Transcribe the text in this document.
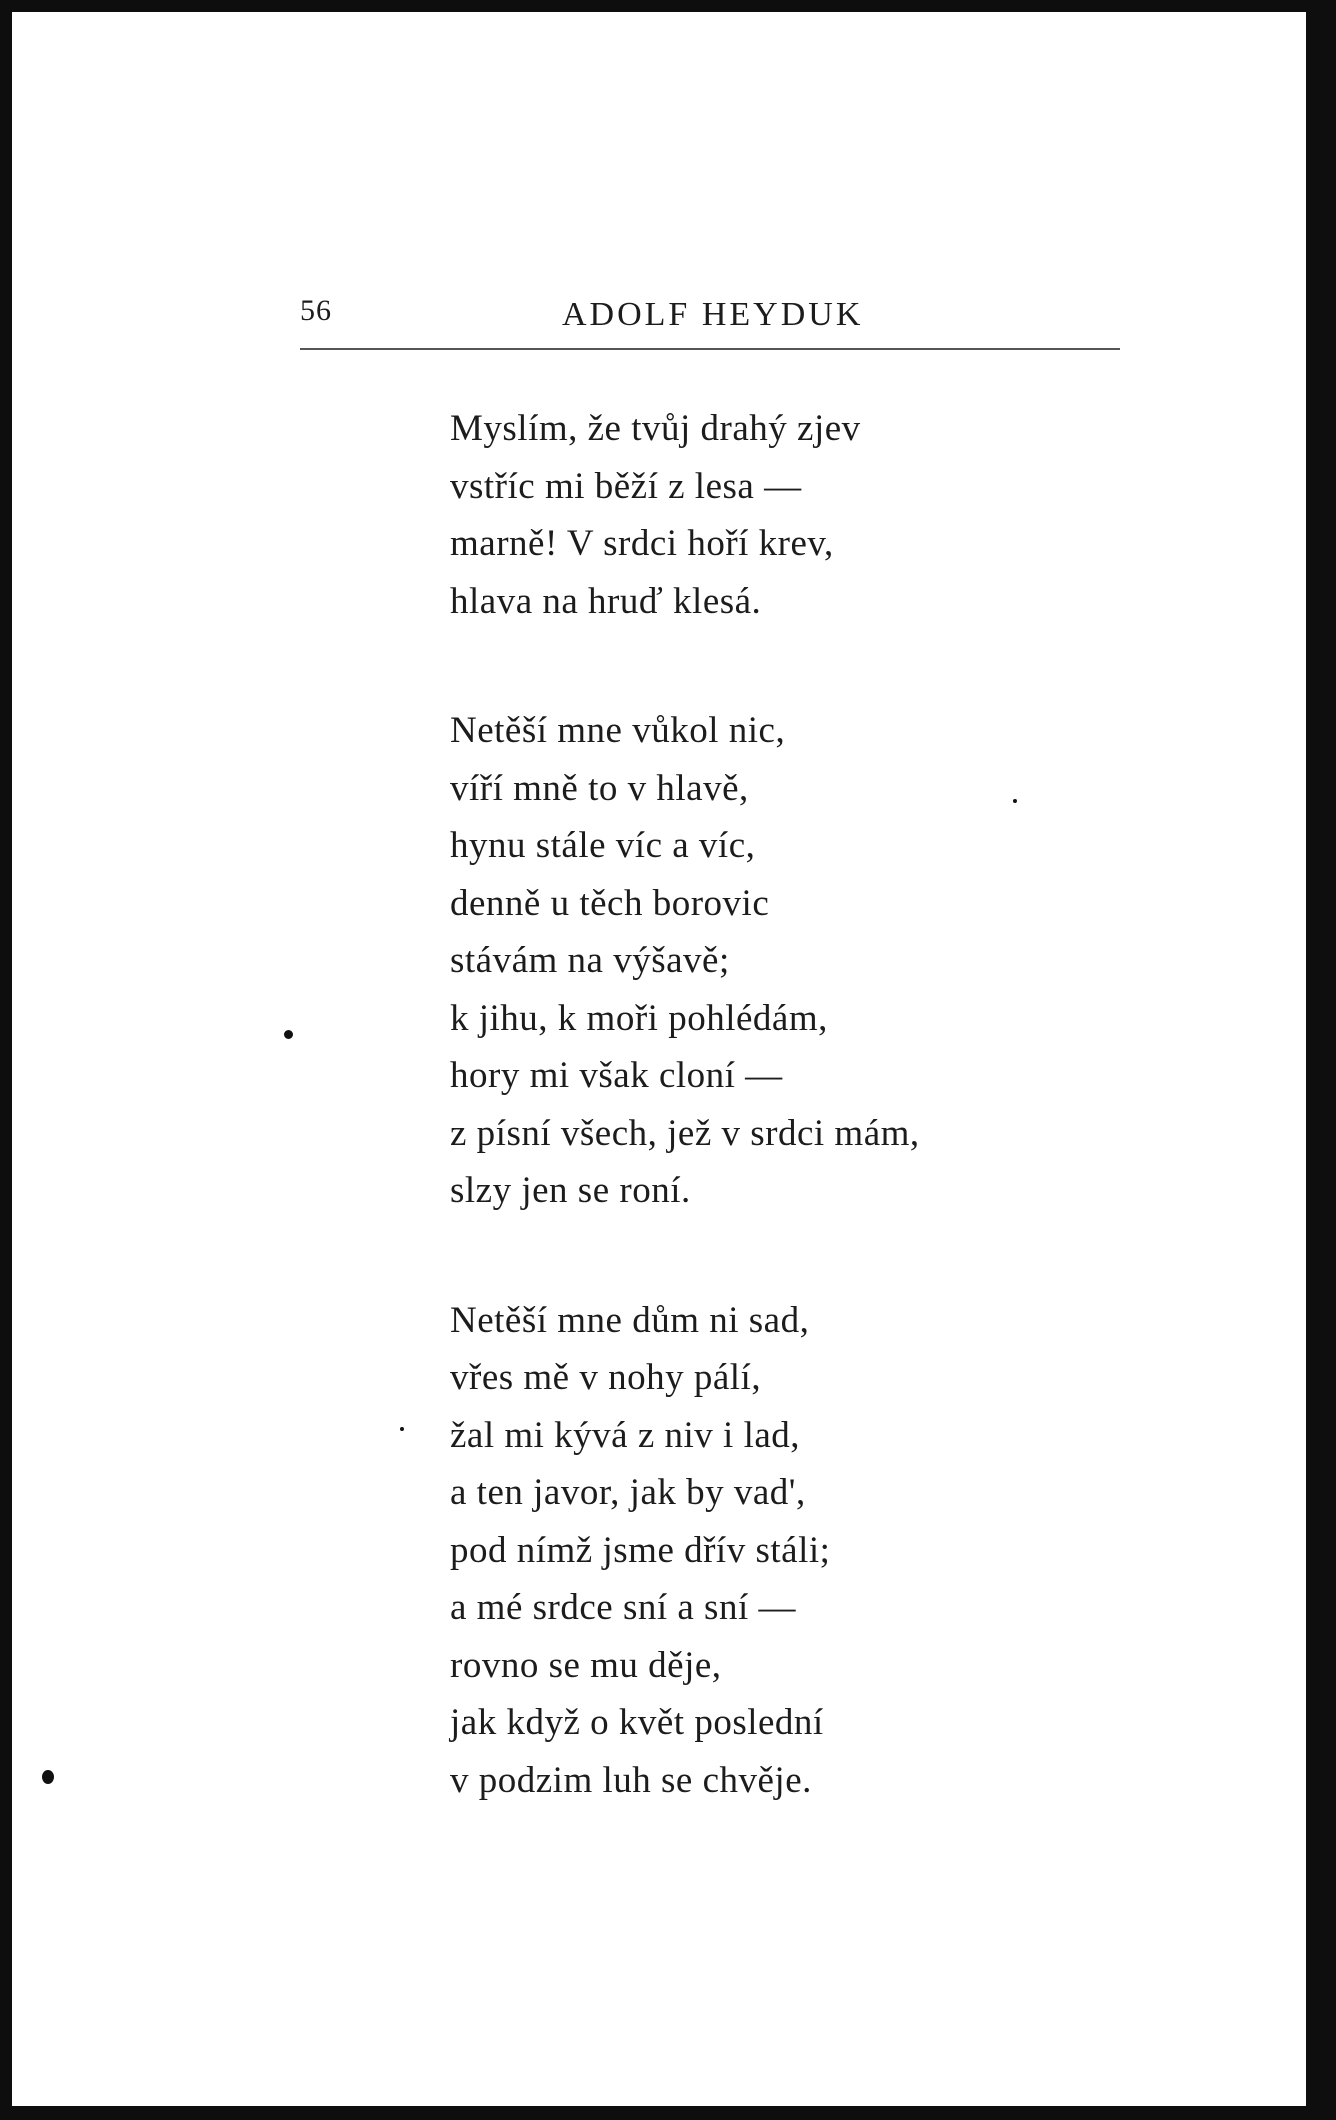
56	ADOLF HEYDUK
Myslím, že tvůj drahý zjev
vstříc mi běží z lesa —
marně! V srdci hoří krev,
hlava na hruď klesá.
Netěší mne vůkol nic,
víří mně to v hlavě,
hynu stále víc a víc,
denně u těch borovic
stávám na výšavě;
k jihu, k moři pohlédám,
hory mi však cloní —
z písní všech, jež v srdci mám,
slzy jen se roní.
Netěší mne dům ni sad,
vřes mě v nohy pálí,
žal mi kývá z niv i lad,
a ten javor, jak by vad',
pod nímž jsme dřív stáli;
a mé srdce sní a sní —
rovno se mu děje,
jak když o květ poslední
v podzim luh se chvěje.
